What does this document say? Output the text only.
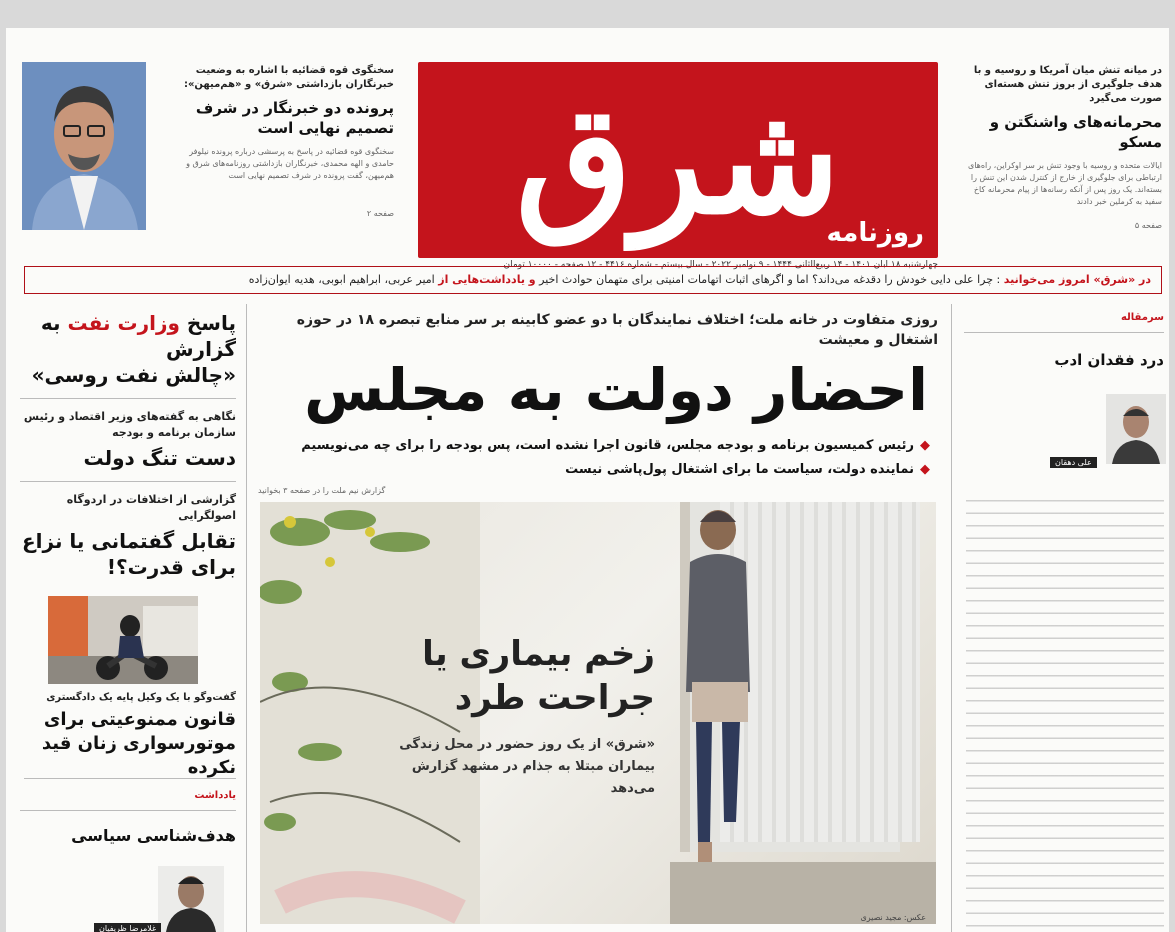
شرق
روزنامه
چهارشنبه ۱۸ آبان ۱۴۰۱ - ۱۴ ربیع‌الثانی ۱۴۴۴ - ۹ نوامبر ۲۰۲۲ - سال بیستم - شماره ۴۴۱۶ - ۱۲ صفحه - ۱۰۰۰۰ تومان
در میانه تنش میان آمریکا و روسیه و با هدف جلوگیری از بروز تنش هسته‌ای صورت می‌گیرد
محرمانه‌های واشنگتن و مسکو
ایالات متحده و روسیه با وجود تنش بر سر اوکراین، راه‌های ارتباطی برای جلوگیری از خارج از کنترل شدن این تنش را بسته‌اند. یک روز پس از آنکه رسانه‌ها از پیام محرمانه کاخ سفید به کرملین خبر دادند
صفحه ۵
سخنگوی قوه قضائیه با اشاره به وضعیت خبرنگاران بازداشتی «شرق» و «هم‌میهن»:
پرونده دو خبرنگار در شرف تصمیم نهایی است
سخنگوی قوه قضائیه در پاسخ به پرسشی درباره پرونده نیلوفر حامدی و الهه محمدی، خبرنگاران بازداشتی روزنامه‌های شرق و هم‌میهن، گفت پرونده در شرف تصمیم نهایی است
صفحه ۲
در «شرق» امروز می‌خوانید : چرا علی دایی خودش را دقدغه می‌داند؟ اما و اگرهای اثبات اتهامات امنیتی برای متهمان حوادث اخیر و یادداشت‌هایی از امیر عربی، ابراهیم ابوبی، هدیه ایوان‌زاده
روزی متفاوت در خانه ملت؛ اختلاف نمایندگان با دو عضو کابینه بر سر منابع تبصره ۱۸ در حوزه اشتغال و معیشت
احضار دولت به مجلس
◆رئیس کمیسیون برنامه و بودجه مجلس، قانون اجرا نشده است، پس بودجه را برای چه می‌نویسیم
◆نماینده دولت، سیاست ما برای اشتغال پول‌پاشی نیست
گزارش نیم ملت را در صفحه ۳ بخوانید
زخم بیماری یا جراحت طرد
«شرق» از یک روز حضور در محل زندگی بیماران مبتلا به جذام در مشهد گزارش می‌دهد
عکس: مجید نصیری
پاسخ وزارت نفت به گزارش
«چالش نفت روسی»
نگاهی به گفته‌های وزیر اقتصاد و رئیس سازمان برنامه و بودجه
دست تنگ دولت
گزارشی از اختلافات در اردوگاه اصولگرایی
تقابل گفتمانی یا نزاع برای قدرت؟!
گفت‌وگو با یک وکیل پایه یک دادگستری
قانون ممنوعیتی برای موتورسواری زنان قید نکرده
یادداشت
هدف‌شناسی سیاسی
غلامرضا ظریفیان
سرمقاله
درد فقدان ادب
علی دهقان
